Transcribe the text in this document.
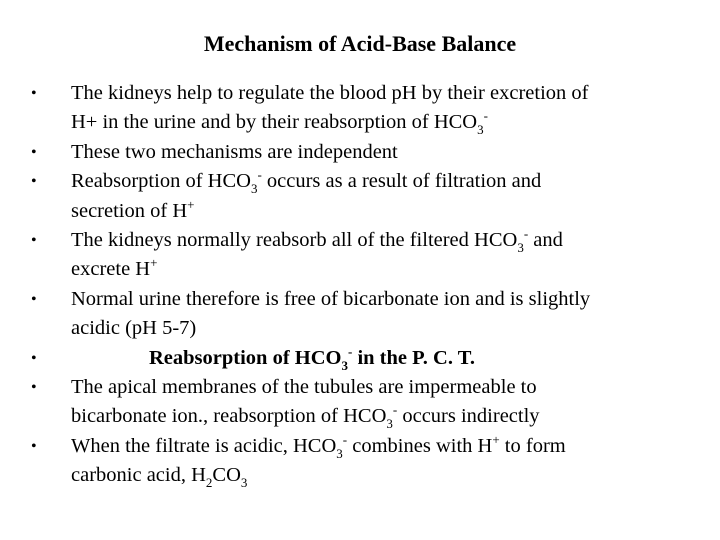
Mechanism of Acid-Base Balance
• The kidneys help to regulate the blood pH by their excretion of
H+ in the urine and by their reabsorption of $HCO_3^-$
• These two mechanisms are independent
• Reabsorption of $HCO_3^-$ occurs as a result of filtration and
secretion of H+
• The kidneys normally reabsorb all of the filtered $HCO_3^-$ and
excrete H+
• Normal urine therefore is free of bicarbonate ion and is slightly
acidic (pH 5-7)
•	Reabsorption of $HCO_3^-$ in the P. C. T.
• The apical membranes of the tubules are impermeable to
bicarbonate ion., reabsorption of $HCO_3^-$ occurs indirectly
• When the filtrate is acidic, $HCO_3^-$ combines with H+ to form
carbonic acid, $H_2CO_3$
